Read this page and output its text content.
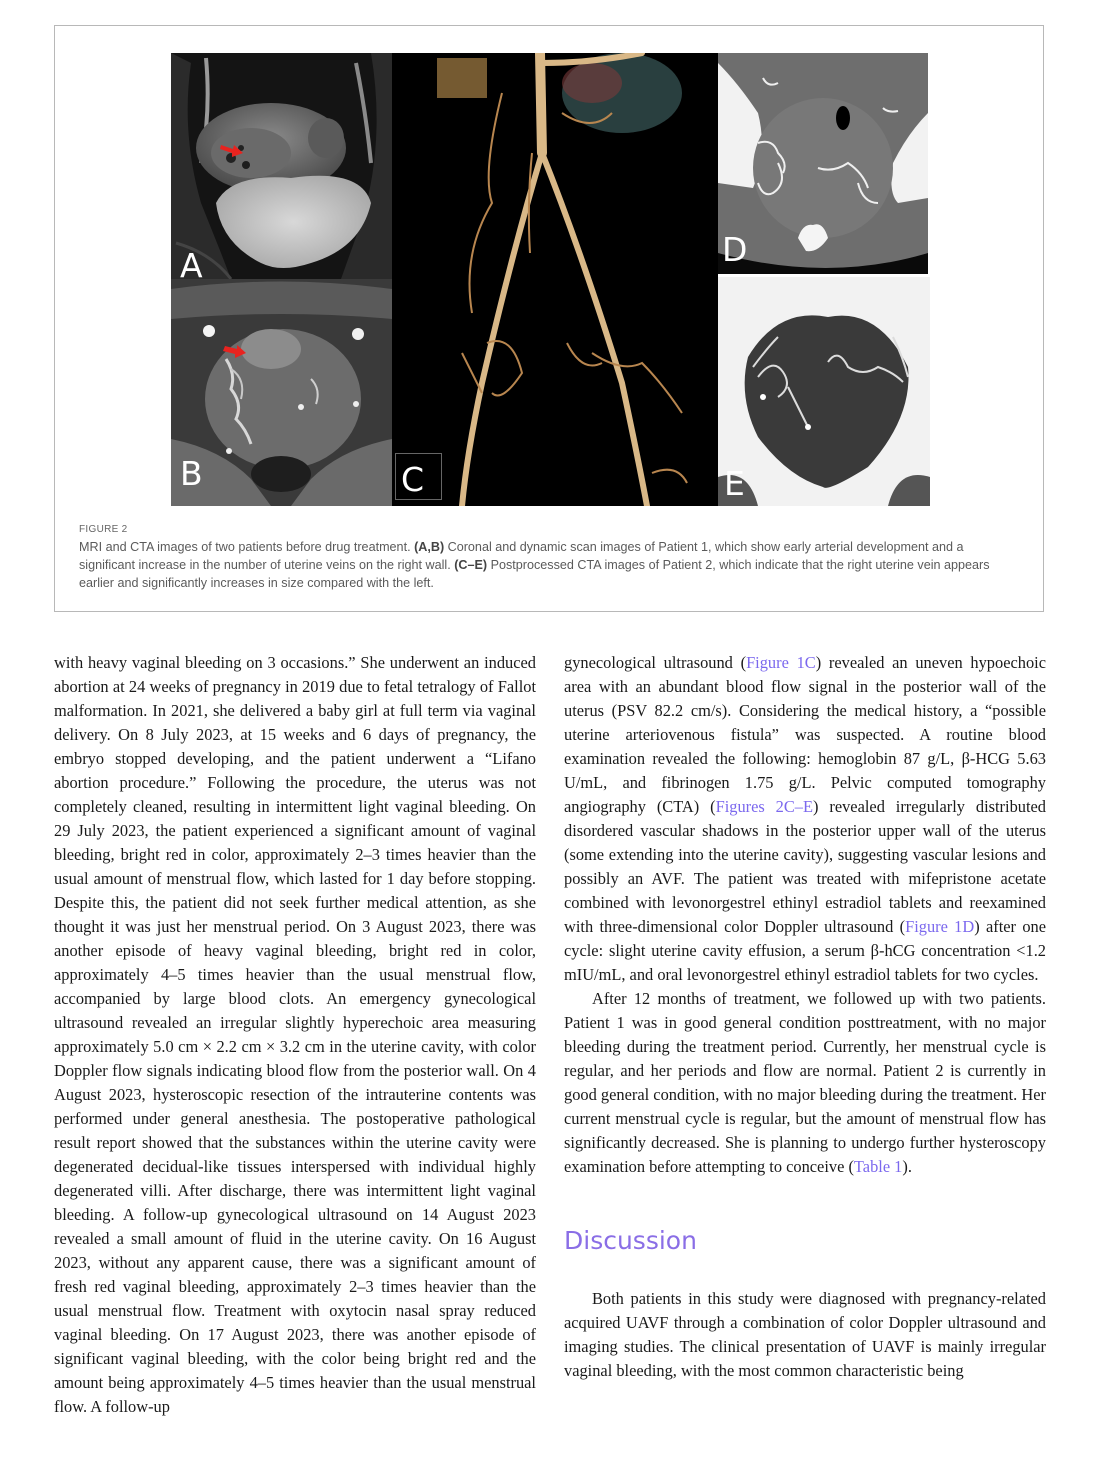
A
B	C
D
E
FIGURE 2
MRI and CTA images of two patients before drug treatment. (A,B) Coronal and dynamic scan images of Patient 1, which show early arterial development and a significant increase in the number of uterine veins on the right wall. (C–E) Postprocessed CTA images of Patient 2, which indicate that the right uterine vein appears earlier and significantly increases in size compared with the left.

with heavy vaginal bleeding on 3 occasions.” She underwent an induced abortion at 24 weeks of pregnancy in 2019 due to fetal tetralogy of Fallot malformation. In 2021, she delivered a baby girl at full term via vaginal delivery. On 8 July 2023, at 15 weeks and 6 days of pregnancy, the embryo stopped developing, and the patient underwent a “Lifano abortion procedure.” Following the procedure, the uterus was not completely cleaned, resulting in intermittent light vaginal bleeding. On 29 July 2023, the patient experienced a significant amount of vaginal bleeding, bright red in color, approximately 2–3 times heavier than the usual amount of menstrual flow, which lasted for 1 day before stopping. Despite this, the patient did not seek further medical attention, as she thought it was just her menstrual period. On 3 August 2023, there was another episode of heavy vaginal bleeding, bright red in color, approximately 4–5 times heavier than the usual menstrual flow, accompanied by large blood clots. An emergency gynecological ultrasound revealed an irregular slightly hyperechoic area measuring approximately 5.0 cm × 2.2 cm × 3.2 cm in the uterine cavity, with color Doppler flow signals indicating blood flow from the posterior wall. On 4 August 2023, hysteroscopic resection of the intrauterine contents was performed under general anesthesia. The postoperative pathological result report showed that the substances within the uterine cavity were degenerated decidual-like tissues interspersed with individual highly degenerated villi. After discharge, there was intermittent light vaginal bleeding. A follow-up gynecological ultrasound on 14 August 2023 revealed a small amount of fluid in the uterine cavity. On 16 August 2023, without any apparent cause, there was a significant amount of fresh red vaginal bleeding, approximately 2–3 times heavier than the usual menstrual flow. Treatment with oxytocin nasal spray reduced vaginal bleeding. On 17 August 2023, there was another episode of significant vaginal bleeding, with the color being bright red and the amount being approximately 4–5 times heavier than the usual menstrual flow. A follow-up

gynecological ultrasound (Figure 1C) revealed an uneven hypoechoic area with an abundant blood flow signal in the posterior wall of the uterus (PSV 82.2 cm/s). Considering the medical history, a “possible uterine arteriovenous fistula” was suspected. A routine blood examination revealed the following: hemoglobin 87 g/L, β-HCG 5.63 U/mL, and fibrinogen 1.75 g/L. Pelvic computed tomography angiography (CTA) (Figures 2C–E) revealed irregularly distributed disordered vascular shadows in the posterior upper wall of the uterus (some extending into the uterine cavity), suggesting vascular lesions and possibly an AVF. The patient was treated with mifepristone acetate combined with levonorgestrel ethinyl estradiol tablets and reexamined with three-dimensional color Doppler ultrasound (Figure 1D) after one cycle: slight uterine cavity effusion, a serum β-hCG concentration <1.2 mIU/mL, and oral levonorgestrel ethinyl estradiol tablets for two cycles.

After 12 months of treatment, we followed up with two patients. Patient 1 was in good general condition posttreatment, with no major bleeding during the treatment period. Currently, her menstrual cycle is regular, and her periods and flow are normal. Patient 2 is currently in good general condition, with no major bleeding during the treatment. Her current menstrual cycle is regular, but the amount of menstrual flow has significantly decreased. She is planning to undergo further hysteroscopy examination before attempting to conceive (Table 1).

Discussion

Both patients in this study were diagnosed with pregnancy-related acquired UAVF through a combination of color Doppler ultrasound and imaging studies. The clinical presentation of UAVF is mainly irregular vaginal bleeding, with the most common characteristic being
